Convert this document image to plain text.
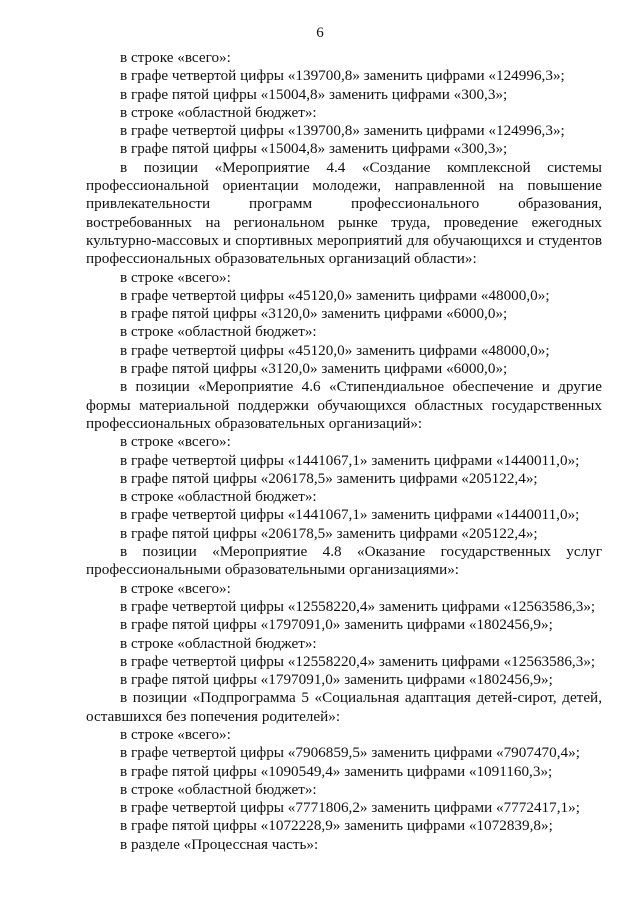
6

в строке «всего»:

в графе четвертой цифры «139700,8» заменить цифрами «124996,3»;

в графе пятой цифры «15004,8» заменить цифрами «300,3»;

в строке «областной бюджет»:

в графе четвертой цифры «139700,8» заменить цифрами «124996,3»;

в графе пятой цифры «15004,8» заменить цифрами «300,3»;

в позиции «Мероприятие 4.4 «Создание комплексной системы профессиональной ориентации молодежи, направленной на повышение привлекательности программ профессионального образования, востребованных на региональном рынке труда, проведение ежегодных культурно-массовых и спортивных мероприятий для обучающихся и студентов профессиональных образовательных организаций области»:

в строке «всего»:

в графе четвертой цифры «45120,0» заменить цифрами «48000,0»;

в графе пятой цифры «3120,0» заменить цифрами «6000,0»;

в строке «областной бюджет»:

в графе четвертой цифры «45120,0» заменить цифрами «48000,0»;

в графе пятой цифры «3120,0» заменить цифрами «6000,0»;

в позиции «Мероприятие 4.6 «Стипендиальное обеспечение и другие формы материальной поддержки обучающихся областных государственных профессиональных образовательных организаций»:

в строке «всего»:

в графе четвертой цифры «1441067,1» заменить цифрами «1440011,0»;

в графе пятой цифры «206178,5» заменить цифрами «205122,4»;

в строке «областной бюджет»:

в графе четвертой цифры «1441067,1» заменить цифрами «1440011,0»;

в графе пятой цифры «206178,5» заменить цифрами «205122,4»;

в позиции «Мероприятие 4.8 «Оказание государственных услуг профессиональными образовательными организациями»:

в строке «всего»:

в графе четвертой цифры «12558220,4» заменить цифрами «12563586,3»;

в графе пятой цифры «1797091,0» заменить цифрами «1802456,9»;

в строке «областной бюджет»:

в графе четвертой цифры «12558220,4» заменить цифрами «12563586,3»;

в графе пятой цифры «1797091,0» заменить цифрами «1802456,9»;

в позиции «Подпрограмма 5 «Социальная адаптация детей-сирот, детей, оставшихся без попечения родителей»:

в строке «всего»:

в графе четвертой цифры «7906859,5» заменить цифрами «7907470,4»;

в графе пятой цифры «1090549,4» заменить цифрами «1091160,3»;

в строке «областной бюджет»:

в графе четвертой цифры «7771806,2» заменить цифрами «7772417,1»;

в графе пятой цифры «1072228,9» заменить цифрами «1072839,8»;

в разделе «Процессная часть»:
